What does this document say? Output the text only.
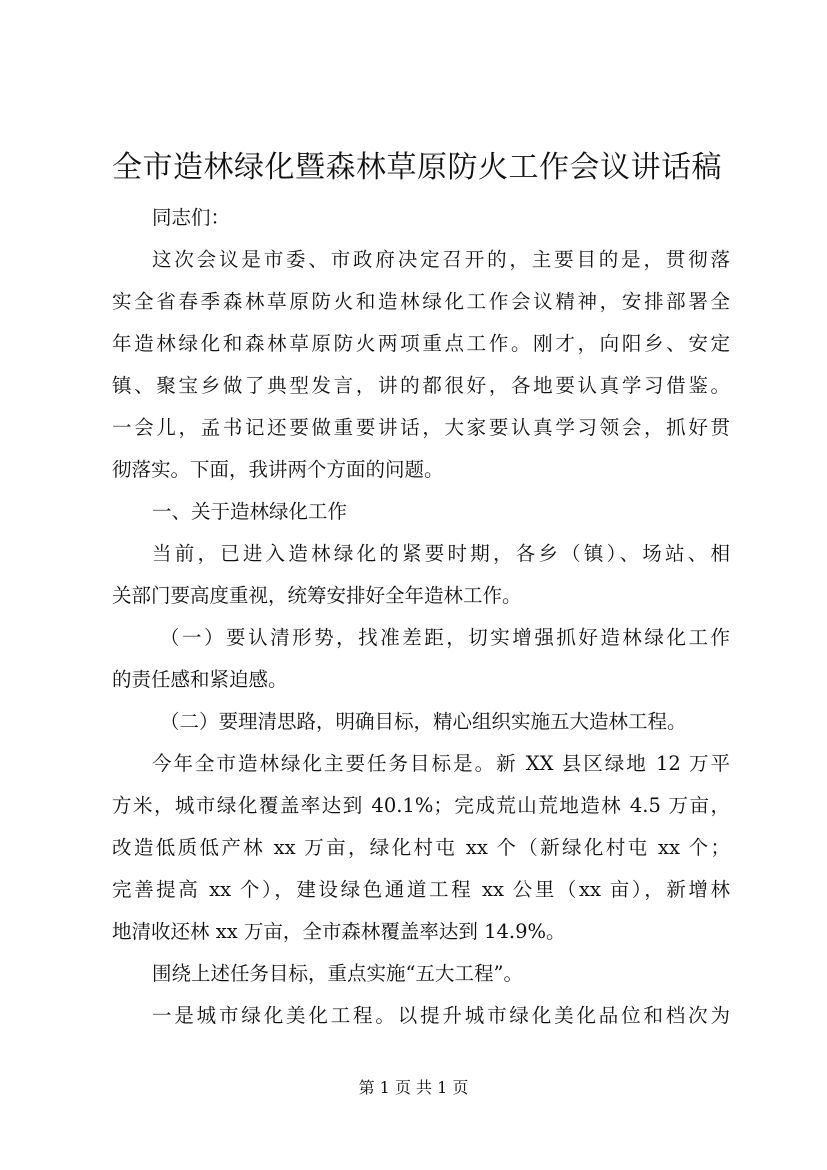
全市造林绿化暨森林草原防火工作会议讲话稿
同志们：
这次会议是市委、市政府决定召开的，主要目的是，贯彻落
实全省春季森林草原防火和造林绿化工作会议精神，安排部署全
年造林绿化和森林草原防火两项重点工作。刚才，向阳乡、安定
镇、聚宝乡做了典型发言，讲的都很好，各地要认真学习借鉴。
一会儿，孟书记还要做重要讲话，大家要认真学习领会，抓好贯
彻落实。下面，我讲两个方面的问题。
一、关于造林绿化工作
当前，已进入造林绿化的紧要时期，各乡（镇）、场站、相
关部门要高度重视，统筹安排好全年造林工作。
（一）要认清形势，找准差距，切实增强抓好造林绿化工作
的责任感和紧迫感。
（二）要理清思路，明确目标，精心组织实施五大造林工程。
今年全市造林绿化主要任务目标是。新 XX 县区绿地 12 万平
方米，城市绿化覆盖率达到 40.1%；完成荒山荒地造林 4.5 万亩，
改造低质低产林 xx 万亩，绿化村屯 xx 个（新绿化村屯 xx 个；
完善提高 xx 个），建设绿色通道工程 xx 公里（xx 亩），新增林
地清收还林 xx 万亩，全市森林覆盖率达到 14.9%。
围绕上述任务目标，重点实施“五大工程”。
一是城市绿化美化工程。以提升城市绿化美化品位和档次为
第 1 页 共 1 页
